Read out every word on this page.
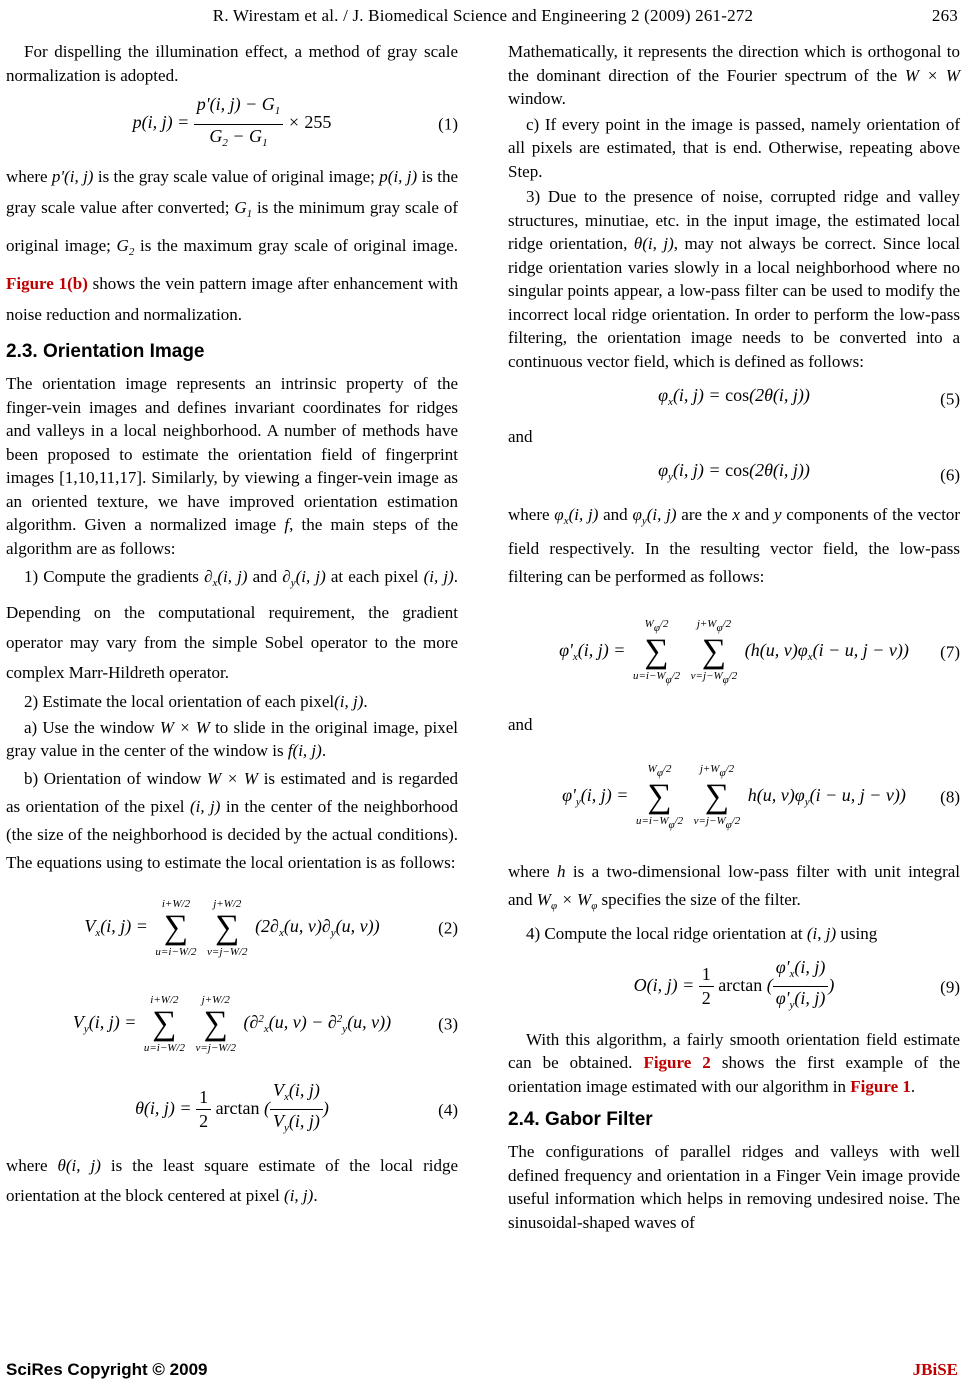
R. Wirestam et al. / J. Biomedical Science and Engineering 2 (2009) 261-272	263

For dispelling the illumination effect, a method of gray scale normalization is adopted.

p(i, $j) = \frac{p'(i, j) - G_1}{G_2 - G_1} \times 255$	(1)

where p'(i, j) is the gray scale value of original image; p(i, j) is the gray scale value after converted; $G_1$ is the minimum gray scale of original image; $G_2$ is the maximum gray scale of original image. Figure 1(b) shows the vein pattern image after enhancement with noise reduction and normalization.

2.3. Orientation Image

The orientation image represents an intrinsic property of the finger-vein images and defines invariant coordinates for ridges and valleys in a local neighborhood. A number of methods have been proposed to estimate the orientation field of fingerprint images [1,10,11,17]. Similarly, by viewing a finger-vein image as an oriented texture, we have improved orientation estimation algorithm. Given a normalized image f, the main steps of the algorithm are as follows:

1) Compute the gradients $\partial_x(i$, j) and $\partial_y(i$, j) at each pixel (i, j). Depending on the computational requirement, the gradient operator may vary from the simple Sobel operator to the more complex Marr-Hildreth operator.

2) Estimate the local orientation of each pixel(i, j).

a) Use the window W × W to slide in the original image, pixel gray value in the center of the window is f(i, j).

b) Orientation of window W × W is estimated and is regarded as orientation of the pixel (i, j) in the center of the neighborhood (the size of the neighborhood is decided by the actual conditions). The equations using to estimate the local orientation is as follows:

$V_x(i$, j) =
i+W/2
∑
u=i−W/2

j+W/2
∑
v=j−W/2
($2\partial_x(u$, $v)\partial_y(u$, v))	(2)
$V_y(i$, j) =
i+W/2
∑
u=i−W/2

j+W/2
∑
v=j−W/2
(∂$^2_x$(u, v) − ∂$^2_y$(u, v))	(3)
θ(i, $j) = \frac{1}{2}$ arctan ( $\frac{V_x(i, j)}{V_y(i, j)}$ )	(4)

where θ(i, j) is the least square estimate of the local ridge orientation at the block centered at pixel (i, j).

Mathematically, it represents the direction which is orthogonal to the dominant direction of the Fourier spectrum of the W × W window.

c) If every point in the image is passed, namely orientation of all pixels are estimated, that is end. Otherwise, repeating above Step.

3) Due to the presence of noise, corrupted ridge and valley structures, minutiae, etc. in the input image, the estimated local ridge orientation, θ(i, j), may not always be correct. Since local ridge orientation varies slowly in a local neighborhood where no singular points appear, a low-pass filter can be used to modify the incorrect local ridge orientation. In order to perform the low-pass filtering, the orientation image needs to be converted into a continuous vector field, which is defined as follows:

$\varphi_x(i$, j) = cos(2θ(i, j))	(5)

and

$\varphi_y(i$, j) = cos(2θ(i, j))	(6)

where $\varphi_x(i$, j) and $\varphi_y(i$, j) are the x and y components of the vector field respectively. In the resulting vector field, the low-pass filtering can be performed as follows:

$\varphi'_x(i$, j) =
Wφ/2
∑
u=i−Wφ/2

j+Wφ/2
∑
v=j−Wφ/2
(h(u, $v)\varphi_x(i - u$, j − v))	(7)

and

$\varphi'_y(i$, j) =
Wφ/2
∑
u=i−Wφ/2

j+Wφ/2
∑
v=j−Wφ/2
h(u, $v)\varphi_y(i - u$, j − v))	(8)

where h is a two-dimensional low-pass filter with unit integral and $W_\varphi \times W_\varphi$ specifies the size of the filter.

4) Compute the local ridge orientation at (i, j) using

O(i, $j) = \frac{1}{2}$ arctan ( $\frac{\varphi'_x(i, j)}{\varphi'_y(i, j)}$ )	(9)

With this algorithm, a fairly smooth orientation field estimate can be obtained. Figure 2 shows the first example of the orientation image estimated with our algorithm in Figure 1.

2.4. Gabor Filter

The configurations of parallel ridges and valleys with well defined frequency and orientation in a Finger Vein image provide useful information which helps in removing undesired noise. The sinusoidal-shaped waves of

SciRes Copyright © 2009	JBiSE
